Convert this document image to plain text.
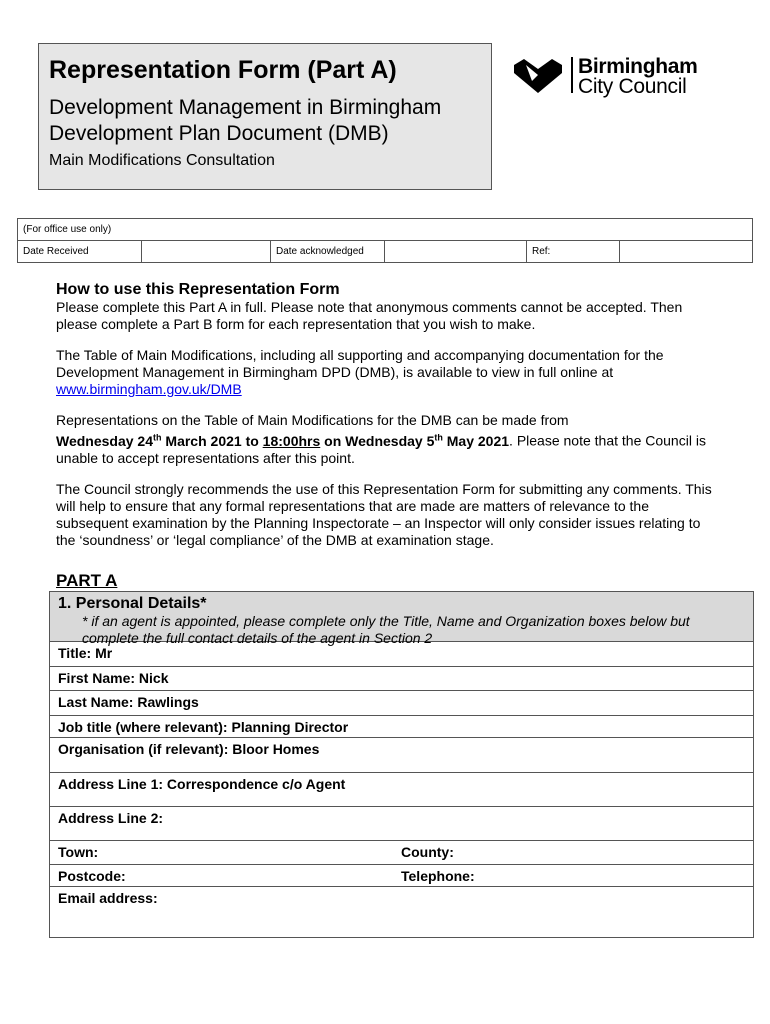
Representation Form (Part A)
Development Management in Birmingham
Development Plan Document (DMB)
Main Modifications Consultation
Birmingham
City Council
(For office use only)
Date Received		Date acknowledged		Ref:	
How to use this Representation Form

Please complete this Part A in full. Please note that anonymous comments cannot be accepted. Then please complete a Part B form for each representation that you wish to make.

The Table of Main Modifications, including all supporting and accompanying documentation for the Development Management in Birmingham DPD (DMB), is available to view in full online at
www.birmingham.gov.uk/DMB

Representations on the Table of Main Modifications for the DMB can be made from
Wednesday 24th March 2021 to 18:00hrs on Wednesday 5th May 2021. Please note that the Council is unable to accept representations after this point.

The Council strongly recommends the use of this Representation Form for submitting any comments. This will help to ensure that any formal representations that are made are matters of relevance to the subsequent examination by the Planning Inspectorate – an Inspector will only consider issues relating to the ‘soundness’ or ‘legal compliance’ of the DMB at examination stage.

PART A
1. Personal Details*
* if an agent is appointed, please complete only the Title, Name and Organization boxes below but complete the full contact details of the agent in Section 2
Title: Mr
First Name: Nick
Last Name: Rawlings
Job title (where relevant): Planning Director
Organisation (if relevant): Bloor Homes
Address Line 1: Correspondence c/o Agent
Address Line 2:
Town:	County:
Postcode:	Telephone:
Email address:
